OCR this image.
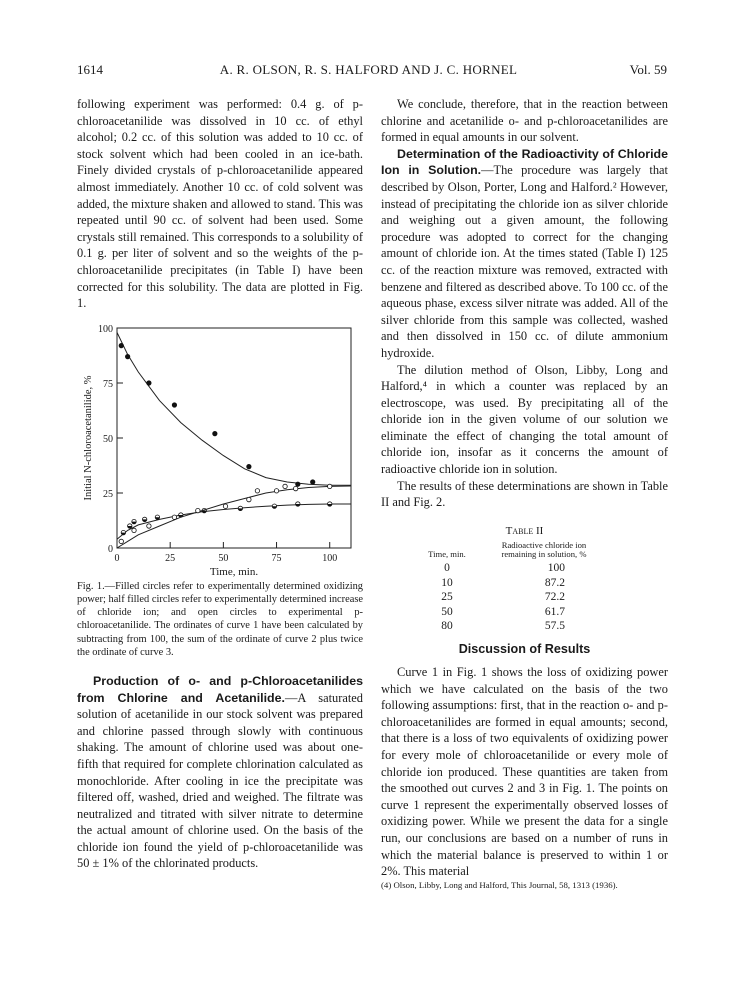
A. R. OLSON, R. S. HALFORD AND J. C. HORNEL
1614	Vol. 59

following experiment was performed: 0.4 g. of p-chloroacetanilide was dissolved in 10 cc. of ethyl alcohol; 0.2 cc. of this solution was added to 10 cc. of stock solvent which had been cooled in an ice-bath. Finely divided crystals of p-chloroacetanilide appeared almost immediately. Another 10 cc. of cold solvent was added, the mixture shaken and allowed to stand. This was repeated until 90 cc. of solvent had been used. Some crystals still remained. This corresponds to a solubility of 0.1 g. per liter of solvent and so the weights of the p-chloroacetanilide precipitates (in Table I) have been corrected for this solubility. The data are plotted in Fig. 1.

0
25
50
75
100
0	25	50	75	100
Time, min.
Initial N-chloroacetanilide, %

Fig. 1.—Filled circles refer to experimentally determined oxidizing power; half filled circles refer to experimentally determined increase of chloride ion; and open circles to experimental p-chloroacetanilide. The ordinates of curve 1 have been calculated by subtracting from 100, the sum of the ordinate of curve 2 plus twice the ordinate of curve 3.

Production of o- and p-Chloroacetanilides from Chlorine and Acetanilide.—A saturated solution of acetanilide in our stock solvent was prepared and chlorine passed through slowly with continuous shaking. The amount of chlorine used was about one-fifth that required for complete chlorination calculated as monochloride. After cooling in ice the precipitate was filtered off, washed, dried and weighed. The filtrate was neutralized and titrated with silver nitrate to determine the actual amount of chlorine used. On the basis of the chloride ion found the yield of p-chloroacetanilide was 50 ± 1% of the chlorinated products.

We conclude, therefore, that in the reaction between chlorine and acetanilide o- and p-chloroacetanilides are formed in equal amounts in our solvent.

Determination of the Radioactivity of Chloride Ion in Solution.—The procedure was largely that described by Olson, Porter, Long and Halford.² However, instead of precipitating the chloride ion as silver chloride and weighing out a given amount, the following procedure was adopted to correct for the changing amount of chloride ion. At the times stated (Table I) 125 cc. of the reaction mixture was removed, extracted with benzene and filtered as described above. To 100 cc. of the aqueous phase, excess silver nitrate was added. All of the silver chloride from this sample was collected, washed and then dissolved in 150 cc. of dilute ammonium hydroxide.

The dilution method of Olson, Libby, Long and Halford,⁴ in which a counter was replaced by an electroscope, was used. By precipitating all of the chloride ion in the given volume of our solution we eliminate the effect of changing the total amount of chloride ion, insofar as it concerns the amount of radioactive chloride ion in solution.

The results of these determinations are shown in Table II and Fig. 2.

Table II
Time, min.	Radioactive chloride ion remaining in solution, %
0	100
10	87.2
25	72.2
50	61.7
80	57.5
Discussion of Results

Curve 1 in Fig. 1 shows the loss of oxidizing power which we have calculated on the basis of the two following assumptions: first, that in the reaction o- and p-chloroacetanilides are formed in equal amounts; second, that there is a loss of two equivalents of oxidizing power for every mole of chloroacetanilide or every mole of chloride ion produced. These quantities are taken from the smoothed out curves 2 and 3 in Fig. 1. The points on curve 1 represent the experimentally observed losses of oxidizing power. While we present the data for a single run, our conclusions are based on a number of runs in which the material balance is preserved to within 1 or 2%. This material

(4) Olson, Libby, Long and Halford, This Journal, 58, 1313 (1936).
